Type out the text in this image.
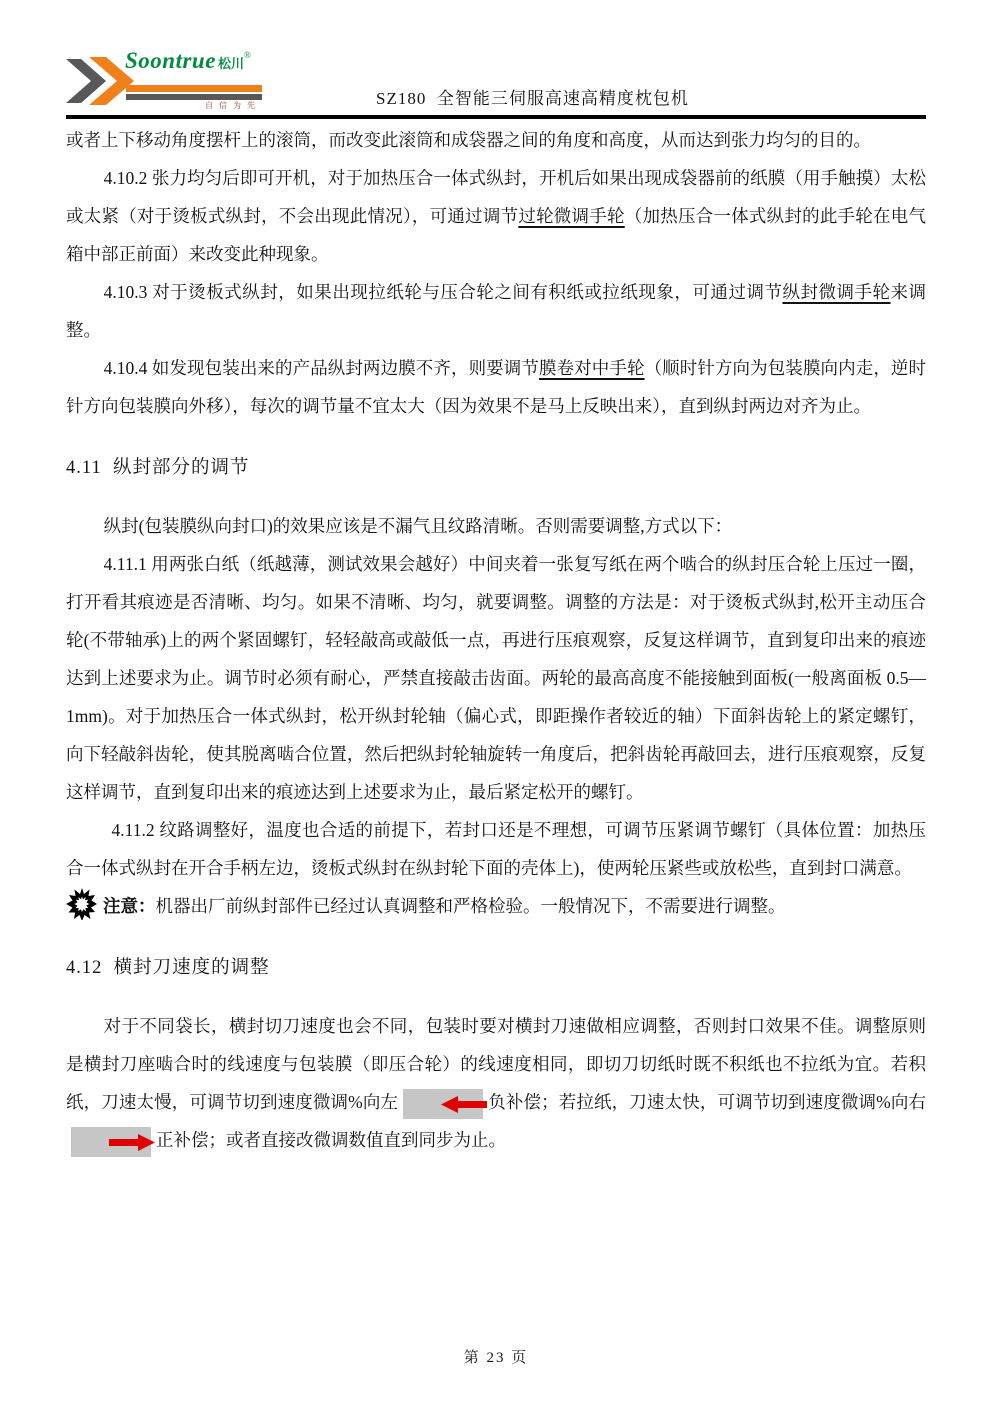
Soontrue 松川®
自信为先	SZ180  全智能三伺服高速高精度枕包机

或者上下移动角度摆杆上的滚筒，而改变此滚筒和成袋器之间的角度和高度，从而达到张力均匀的目的。

4.10.2 张力均匀后即可开机，对于加热压合一体式纵封，开机后如果出现成袋器前的纸膜（用手触摸）太松或太紧（对于烫板式纵封，不会出现此情况），可通过调节过轮微调手轮（加热压合一体式纵封的此手轮在电气箱中部正前面）来改变此种现象。

4.10.3 对于烫板式纵封，如果出现拉纸轮与压合轮之间有积纸或拉纸现象，可通过调节纵封微调手轮来调整。

4.10.4 如发现包装出来的产品纵封两边膜不齐，则要调节膜卷对中手轮（顺时针方向为包装膜向内走，逆时针方向包装膜向外移），每次的调节量不宜太大（因为效果不是马上反映出来），直到纵封两边对齐为止。

4.11  纵封部分的调节

纵封(包装膜纵向封口)的效果应该是不漏气且纹路清晰。否则需要调整,方式以下：

4.11.1 用两张白纸（纸越薄，测试效果会越好）中间夹着一张复写纸在两个啮合的纵封压合轮上压过一圈，打开看其痕迹是否清晰、均匀。如果不清晰、均匀，就要调整。调整的方法是：对于烫板式纵封,松开主动压合轮(不带轴承)上的两个紧固螺钉，轻轻敲高或敲低一点，再进行压痕观察，反复这样调节，直到复印出来的痕迹达到上述要求为止。调节时必须有耐心，严禁直接敲击齿面。两轮的最高高度不能接触到面板(一般离面板 0.5—1mm)。对于加热压合一体式纵封，松开纵封轮轴（偏心式，即距操作者较近的轴）下面斜齿轮上的紧定螺钉，向下轻敲斜齿轮，使其脱离啮合位置，然后把纵封轮轴旋转一角度后，把斜齿轮再敲回去，进行压痕观察，反复这样调节，直到复印出来的痕迹达到上述要求为止，最后紧定松开的螺钉。

4.11.2 纹路调整好，温度也合适的前提下，若封口还是不理想，可调节压紧调节螺钉（具体位置：加热压合一体式纵封在开合手柄左边，烫板式纵封在纵封轮下面的壳体上)，使两轮压紧些或放松些，直到封口满意。

注意：机器出厂前纵封部件已经过认真调整和严格检验。一般情况下，不需要进行调整。

4.12  横封刀速度的调整

对于不同袋长，横封切刀速度也会不同，包装时要对横封刀速做相应调整，否则封口效果不佳。调整原则是横封刀座啮合时的线速度与包装膜（即压合轮）的线速度相同，即切刀切纸时既不积纸也不拉纸为宜。若积纸，刀速太慢，可调节切到速度微调%向左	负补偿；若拉纸，刀速太快，可调节切到速度微调%向右正补偿；或者直接改微调数值直到同步为止。

第 23 页
